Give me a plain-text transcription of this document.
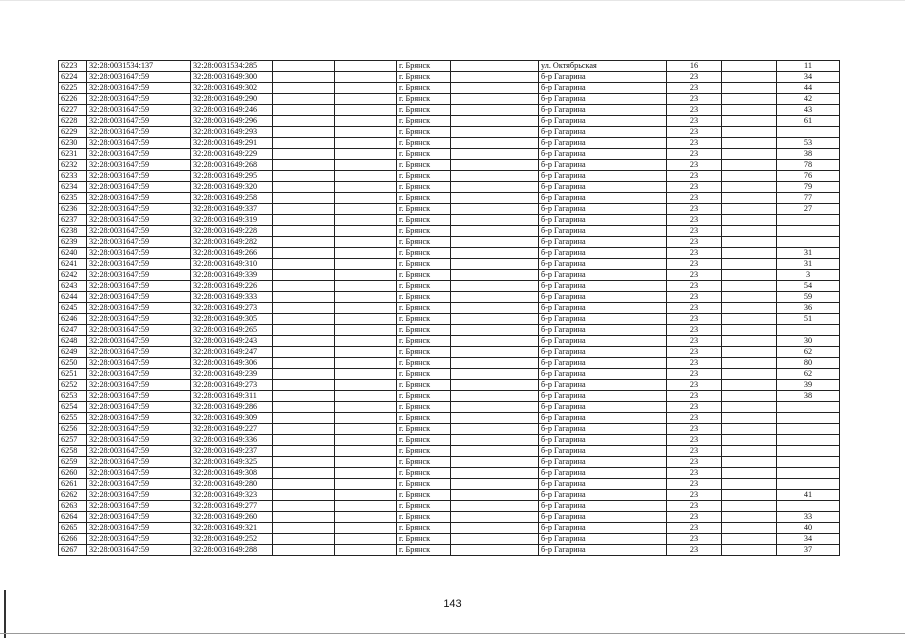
6223	32:28:0031534:137	32:28:0031534:285			г. Брянск		ул. Октябрьская	16		11
6224	32:28:0031647:59	32:28:0031649:300			г. Брянск		б-р Гагарина	23		34
6225	32:28:0031647:59	32:28:0031649:302			г. Брянск		б-р Гагарина	23		44
6226	32:28:0031647:59	32:28:0031649:290			г. Брянск		б-р Гагарина	23		42
6227	32:28:0031647:59	32:28:0031649:246			г. Брянск		б-р Гагарина	23		43
6228	32:28:0031647:59	32:28:0031649:296			г. Брянск		б-р Гагарина	23		61
6229	32:28:0031647:59	32:28:0031649:293			г. Брянск		б-р Гагарина	23		
6230	32:28:0031647:59	32:28:0031649:291			г. Брянск		б-р Гагарина	23		53
6231	32:28:0031647:59	32:28:0031649:229			г. Брянск		б-р Гагарина	23		38
6232	32:28:0031647:59	32:28:0031649:268			г. Брянск		б-р Гагарина	23		78
6233	32:28:0031647:59	32:28:0031649:295			г. Брянск		б-р Гагарина	23		76
6234	32:28:0031647:59	32:28:0031649:320			г. Брянск		б-р Гагарина	23		79
6235	32:28:0031647:59	32:28:0031649:258			г. Брянск		б-р Гагарина	23		77
6236	32:28:0031647:59	32:28:0031649:337			г. Брянск		б-р Гагарина	23		27
6237	32:28:0031647:59	32:28:0031649:319			г. Брянск		б-р Гагарина	23		
6238	32:28:0031647:59	32:28:0031649:228			г. Брянск		б-р Гагарина	23		
6239	32:28:0031647:59	32:28:0031649:282			г. Брянск		б-р Гагарина	23		
6240	32:28:0031647:59	32:28:0031649:266			г. Брянск		б-р Гагарина	23		31
6241	32:28:0031647:59	32:28:0031649:310			г. Брянск		б-р Гагарина	23		31
6242	32:28:0031647:59	32:28:0031649:339			г. Брянск		б-р Гагарина	23		3
6243	32:28:0031647:59	32:28:0031649:226			г. Брянск		б-р Гагарина	23		54
6244	32:28:0031647:59	32:28:0031649:333			г. Брянск		б-р Гагарина	23		59
6245	32:28:0031647:59	32:28:0031649:273			г. Брянск		б-р Гагарина	23		36
6246	32:28:0031647:59	32:28:0031649:305			г. Брянск		б-р Гагарина	23		51
6247	32:28:0031647:59	32:28:0031649:265			г. Брянск		б-р Гагарина	23		
6248	32:28:0031647:59	32:28:0031649:243			г. Брянск		б-р Гагарина	23		30
6249	32:28:0031647:59	32:28:0031649:247			г. Брянск		б-р Гагарина	23		62
6250	32:28:0031647:59	32:28:0031649:306			г. Брянск		б-р Гагарина	23		80
6251	32:28:0031647:59	32:28:0031649:239			г. Брянск		б-р Гагарина	23		62
6252	32:28:0031647:59	32:28:0031649:273			г. Брянск		б-р Гагарина	23		39
6253	32:28:0031647:59	32:28:0031649:311			г. Брянск		б-р Гагарина	23		38
6254	32:28:0031647:59	32:28:0031649:286			г. Брянск		б-р Гагарина	23		
6255	32:28:0031647:59	32:28:0031649:309			г. Брянск		б-р Гагарина	23		
6256	32:28:0031647:59	32:28:0031649:227			г. Брянск		б-р Гагарина	23		
6257	32:28:0031647:59	32:28:0031649:336			г. Брянск		б-р Гагарина	23		
6258	32:28:0031647:59	32:28:0031649:237			г. Брянск		б-р Гагарина	23		
6259	32:28:0031647:59	32:28:0031649:325			г. Брянск		б-р Гагарина	23		
6260	32:28:0031647:59	32:28:0031649:308			г. Брянск		б-р Гагарина	23		
6261	32:28:0031647:59	32:28:0031649:280			г. Брянск		б-р Гагарина	23		
6262	32:28:0031647:59	32:28:0031649:323			г. Брянск		б-р Гагарина	23		41
6263	32:28:0031647:59	32:28:0031649:277			г. Брянск		б-р Гагарина	23		
6264	32:28:0031647:59	32:28:0031649:260			г. Брянск		б-р Гагарина	23		33
6265	32:28:0031647:59	32:28:0031649:321			г. Брянск		б-р Гагарина	23		40
6266	32:28:0031647:59	32:28:0031649:252			г. Брянск		б-р Гагарина	23		34
6267	32:28:0031647:59	32:28:0031649:288			г. Брянск		б-р Гагарина	23		37
143
